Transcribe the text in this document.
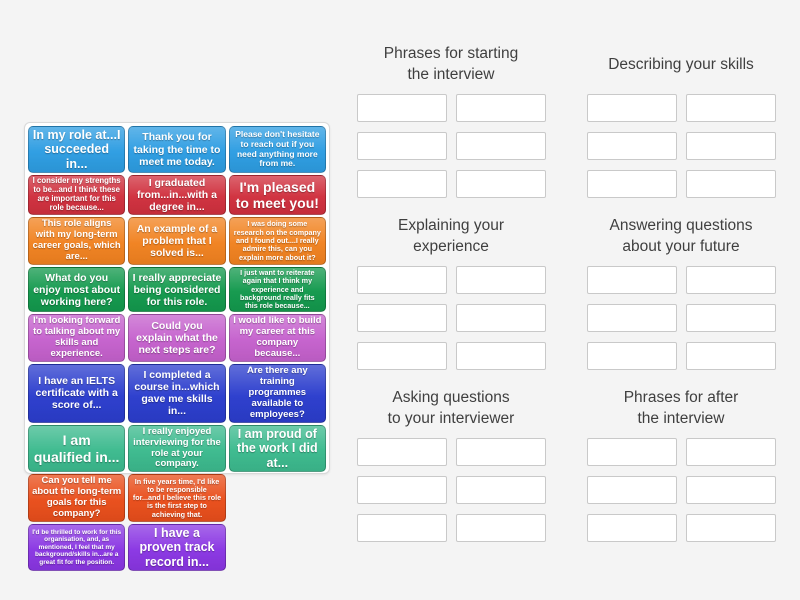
In my role at...I succeeded in...
Thank you for taking the time to meet me today.
Please don't hesitate to reach out if you need anything more from me.
I consider my strengths to be...and I think these are important for this role because...
I graduated from...in...with a degree in...
I'm pleased to meet you!
This role aligns with my long-term career goals, which are...
An example of a problem that I solved is...
I was doing some research on the company and I found out....I really admire this, can you explain more about it?
What do you enjoy most about working here?
I really appreciate being considered for this role.
I just want to reiterate again that I think my experience and background really fits this role because...
I'm looking forward to talking about my skills and experience.
Could you explain what the next steps are?
I would like to build my career at this company because...
I have an IELTS certificate with a score of...
I completed a course in...which gave me skills in...
Are there any training programmes available to employees?
I am qualified in...
I really enjoyed interviewing for the role at your company.
I am proud of the work I did at...
Can you tell me about the long-term goals for this company?
In five years time, I'd like to be responsible for...and I believe this role is the first step to achieving that.
I'd be thrilled to work for this organisation, and, as mentioned, I feel that my background/skills in...are a great fit for the position.
I have a proven track record in...
Phrases for starting
the interview
Describing your skills
Explaining your
experience
Answering questions
about your future
Asking questions
to your interviewer
Phrases for after
the interview
